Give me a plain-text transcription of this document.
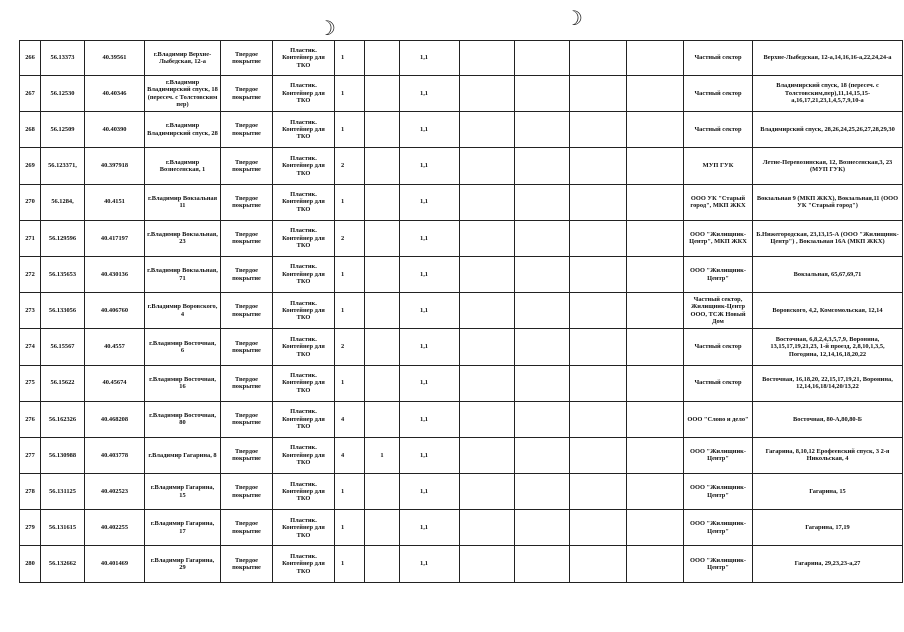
☽	☽
266	56.13373	40.39561	г.Владимир Верхне-Лыбедская, 12-а	Твердое покрытие	Пластик. Контейнер для ТКО	1		1,1					Частный сектор	Верхне-Лыбедская, 12-а,14,16,16-а,22,24,24-а
267	56.12530	40.40346	г.Владимир Владимирский спуск, 18 (пересеч. с Толстовским пер)	Твердое покрытие	Пластик. Контейнер для ТКО	1		1,1					Частный сектор	Владимирский спуск, 18 (пересеч. с Толстовским,пер),11,14,15,15-а,16,17,21,23,1,4,5,7,9,10-а
268	56.12509	40.40390	г.Владимир Владимирский спуск, 28	Твердое покрытие	Пластик. Контейнер для ТКО	1		1,1					Частный сектор	Владимирский спуск, 28,26,24,25,26,27,28,29,30
269	56.123371,	40.397918	г.Владимир Вознесенская, 1	Твердое покрытие	Пластик. Контейнер для ТКО	2		1,1					МУП ГУК	Летне-Перевозинская, 12, Вознесенская,3, 23 (МУП ГУК)
270	56.1284,	40.4151	г.Владимир Вокзальная 11	Твердое покрытие	Пластик. Контейнер для ТКО	1		1,1					ООО УК "Старый город", МКП ЖКХ	Вокзальная 9 (МКП ЖКХ), Вокзальная,11 (ООО УК "Старый город")
271	56.129596	40.417197	г.Владимир Вокзальная, 23	Твердое покрытие	Пластик. Контейнер для ТКО	2		1,1					ООО "Жилищник-Центр", МКП ЖКХ	Б.Нижегородская, 23,13,15-А (ООО "Жилищник-Центр") , Вокзальная 16А (МКП ЖКХ)
272	56.135653	40.430136	г.Владимир Вокзальная, 71	Твердое покрытие	Пластик. Контейнер для ТКО	1		1,1					ООО "Жилищник-Центр"	Вокзальная, 65,67,69,71
273	56.133056	40.406760	г.Владимир Воровского, 4	Твердое покрытие	Пластик. Контейнер для ТКО	1		1,1					Частный сектор, Жилищник-Центр ООО, ТСЖ Новый Дом	Воровского, 4,2, Комсомольская, 12,14
274	56.15567	40.4557	г.Владимир Восточная, 6	Твердое покрытие	Пластик. Контейнер для ТКО	2		1,1					Частный сектор	Восточная, 6,8,2,4,3,5,7,9, Воронина, 13,15,17,19,21,23, 1-й проезд, 2,8,10,1,3,5, Погодина, 12,14,16,18,20,22
275	56.15622	40.45674	г.Владимир Восточная, 16	Твердое покрытие	Пластик. Контейнер для ТКО	1		1,1					Частный сектор	Восточная, 16,18,20, 22,15,17,19,21, Воронина, 12,14,16,18/14,20/13,22
276	56.162326	40.468208	г.Владимир Восточная, 80	Твердое покрытие	Пластик. Контейнер для ТКО	4		1,1					ООО "Слово и дело"	Восточная, 80-А,80,80-Б
277	56.130988	40.403778	г.Владимир Гагарина, 8	Твердое покрытие	Пластик. Контейнер для ТКО	4	1	1,1					ООО "Жилищник-Центр"	Гагарина, 8,10,12 Ерофеевский спуск, 3 2-я Никольская, 4
278	56.131125	40.402523	г.Владимир Гагарина, 15	Твердое покрытие	Пластик. Контейнер для ТКО	1		1,1					ООО "Жилищник-Центр"	Гагарина, 15
279	56.131615	40.402255	г.Владимир Гагарина, 17	Твердое покрытие	Пластик. Контейнер для ТКО	1		1,1					ООО "Жилищник-Центр"	Гагарина, 17,19
280	56.132662	40.401469	г.Владимир Гагарина, 29	Твердое покрытие	Пластик. Контейнер для ТКО	1		1,1					ООО "Жилищник-Центр"	Гагарина, 29,23,23-а,27
